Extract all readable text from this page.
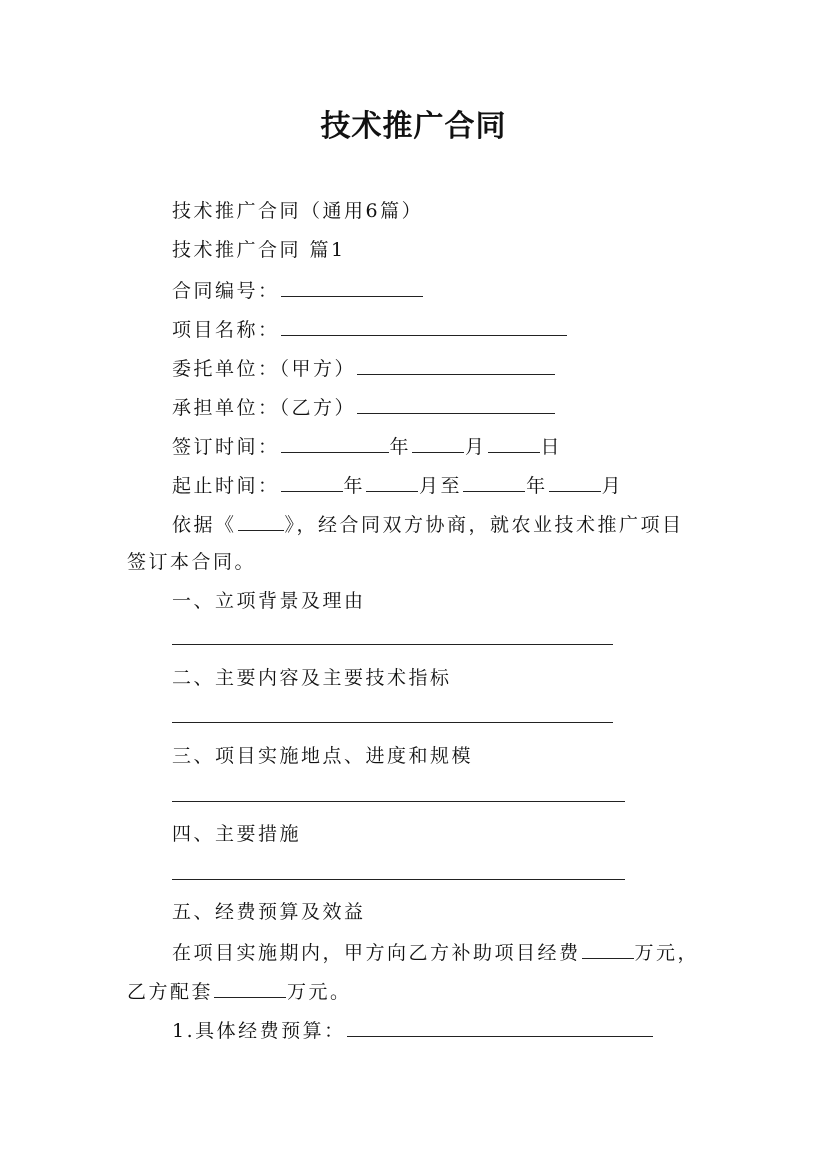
技术推广合同
技术推广合同（通用6篇）
技术推广合同 篇1
合同编号：
项目名称：
委托单位：（甲方）
承担单位：（乙方）
签订时间：	年	月	日
起止时间：	年	月至	年	月
依据《	》，经合同双方协商，就农业技术推广项目
签订本合同。
一、立项背景及理由
二、主要内容及主要技术指标
三、项目实施地点、进度和规模
四、主要措施
五、经费预算及效益
在项目实施期内，甲方向乙方补助项目经费	万元，
乙方配套	万元。
1.具体经费预算：
